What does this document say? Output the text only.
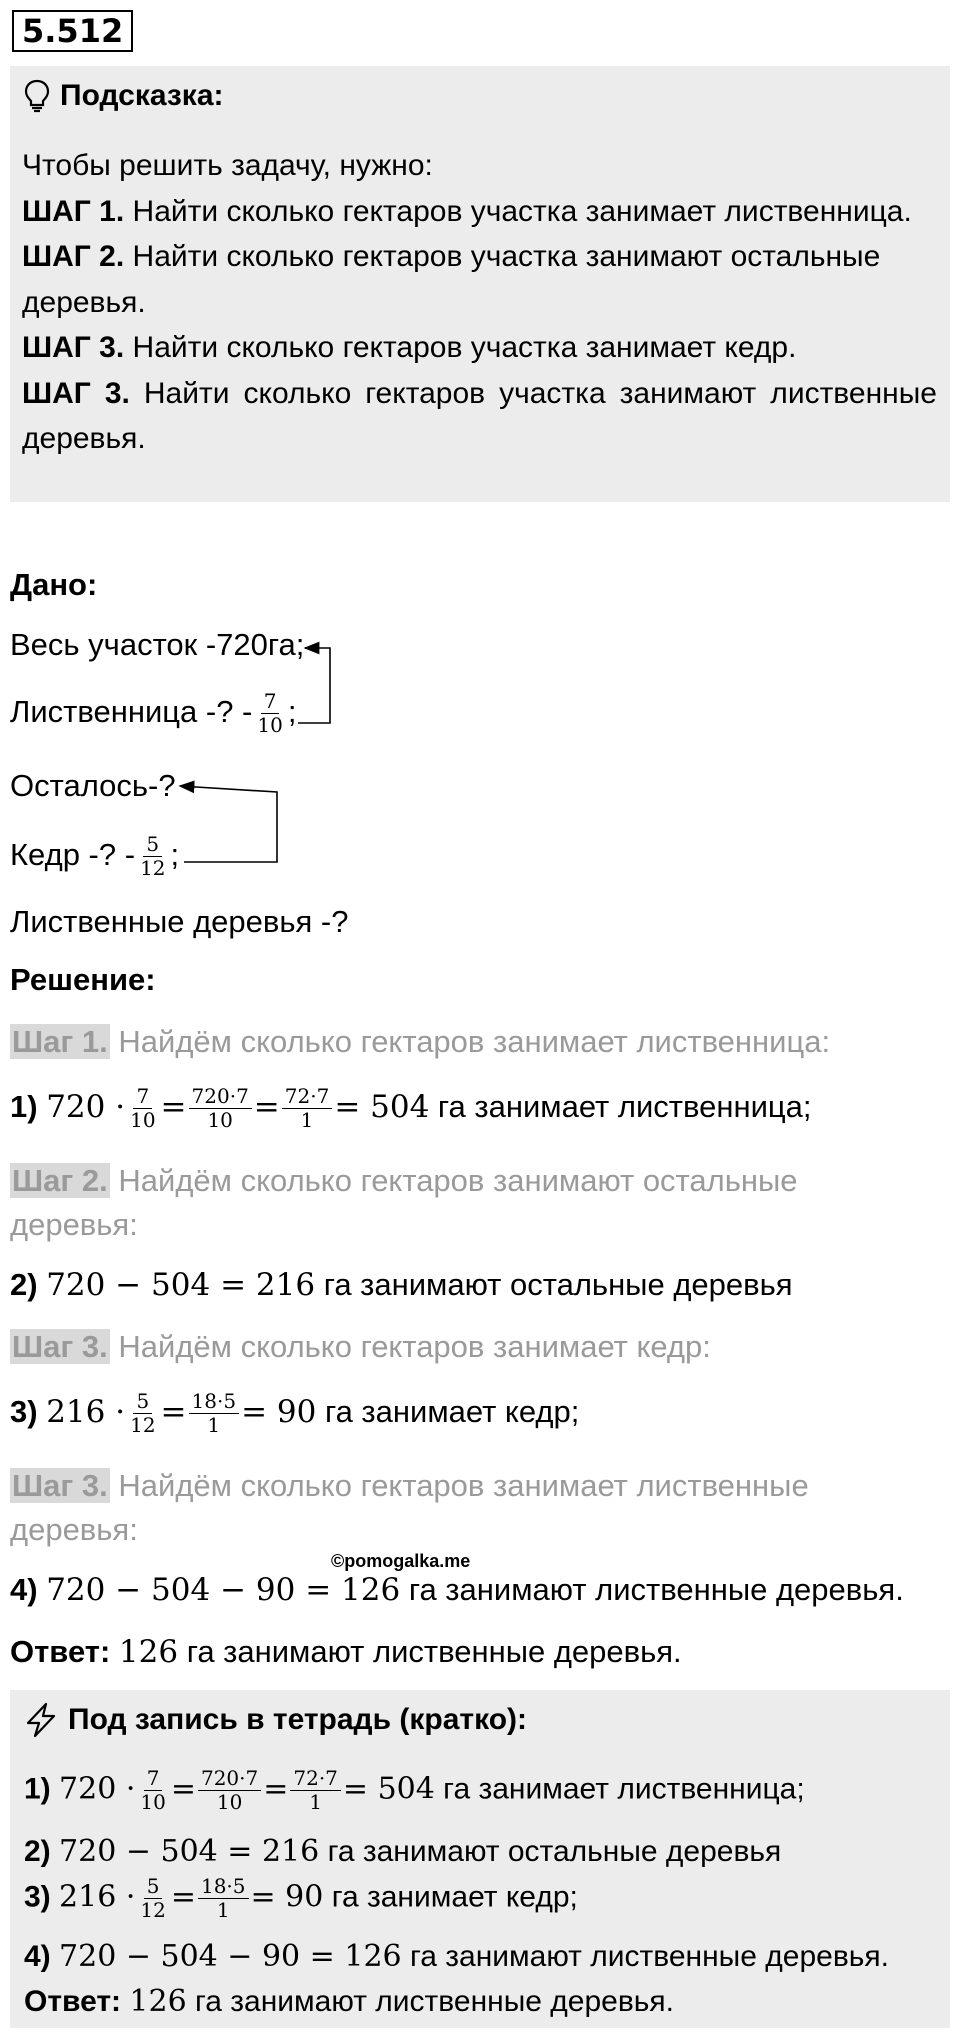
5.512
Подсказка:

Чтобы решить задачу, нужно:

ШАГ 1. Найти сколько гектаров участка занимает лиственница.

ШАГ 2. Найти сколько гектаров участка занимают остальные деревья.

ШАГ 3. Найти сколько гектаров участка занимает кедр.

ШАГ 3. Найти сколько гектаров участка занимают лиственные деревья.

Дано:
Весь участок -720га;
Лиственница -? - $\frac{7}{10}$ ;
Осталось-?
Кедр -? - $\frac{5}{12}$ ;
Лиственные деревья -?
Решение:
Шаг 1. Найдём сколько гектаров занимает лиственница:
1) $720 \cdot \frac{7}{10} = \frac{720\cdot 7}{10} = \frac{72\cdot 7}{1} = 504$ га занимает лиственница;
Шаг 2. Найдём сколько гектаров занимают остальные
деревья:
2) 720 − 504 = 216 га занимают остальные деревья
Шаг 3. Найдём сколько гектаров занимает кедр:
3) $216 \cdot \frac{5}{12} = \frac{18\cdot 5}{1} = 90$ га занимает кедр;
Шаг 3. Найдём сколько гектаров занимает лиственные
деревья:
©pomogalka.me
4) 720 − 504 − 90 = 126 га занимают лиственные деревья.
Ответ: 126 га занимают лиственные деревья.
Под запись в тетрадь (кратко):
1) $720 \cdot \frac{7}{10} = \frac{720\cdot 7}{10} = \frac{72\cdot 7}{1} = 504$ га занимает лиственница;
2) 720 − 504 = 216 га занимают остальные деревья
3) $216 \cdot \frac{5}{12} = \frac{18\cdot 5}{1} = 90$ га занимает кедр;
4) 720 − 504 − 90 = 126 га занимают лиственные деревья.
Ответ: 126 га занимают лиственные деревья.
